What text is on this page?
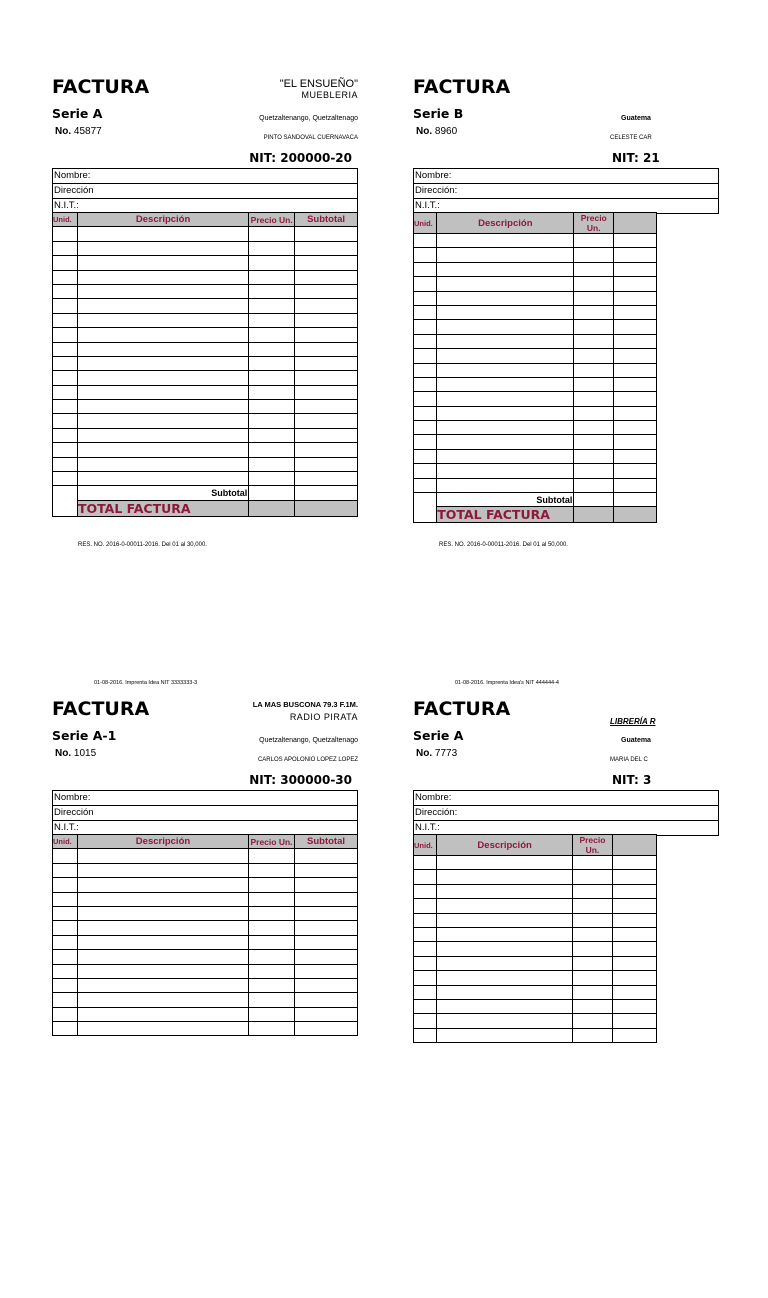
FACTURA
Serie A
No. 45877
"EL ENSUEÑO"
MUEBLERIA
Quetzaltenango, Quetzaltenago
PINTO SANDOVAL CUERNAVACA
NIT: 200000-20
Nombre:
Dirección
N.I.T.:
Unid.	Descripción	Precio Un.	Subtotal

	Subtotal		
	TOTAL FACTURA		
RES. NO. 2016-0-00011-2016. Del 01 al 30,000.
01-08-2016. Imprenta Idea NIT 3333333-3
FACTURA
Serie B
No. 8960
Guatema
CELESTE CAR
NIT: 21
Nombre:
Dirección:
N.I.T.:
Unid.	Descripción	Precio Un.	

	Subtotal		
	TOTAL FACTURA		
RES. NO. 2016-0-00011-2016. Del 01 al 50,000.
01-08-2016. Imprenta Idea's NIT 444444-4
FACTURA
Serie A-1
No. 1015
LA MAS BUSCONA 79.3 F.1M.
RADIO PIRATA
Quetzaltenango, Quetzaltenago
CARLOS APOLONIO LOPEZ LOPEZ
NIT: 300000-30
Nombre:
Dirección
N.I.T.:
Unid.	Descripción	Precio Un.	Subtotal

FACTURA
Serie A
No. 7773
LIBRERÍA R
Guatema
MARIA DEL C
NIT: 3
Nombre:
Dirección:
N.I.T.:
Unid.	Descripción	Precio Un.	
